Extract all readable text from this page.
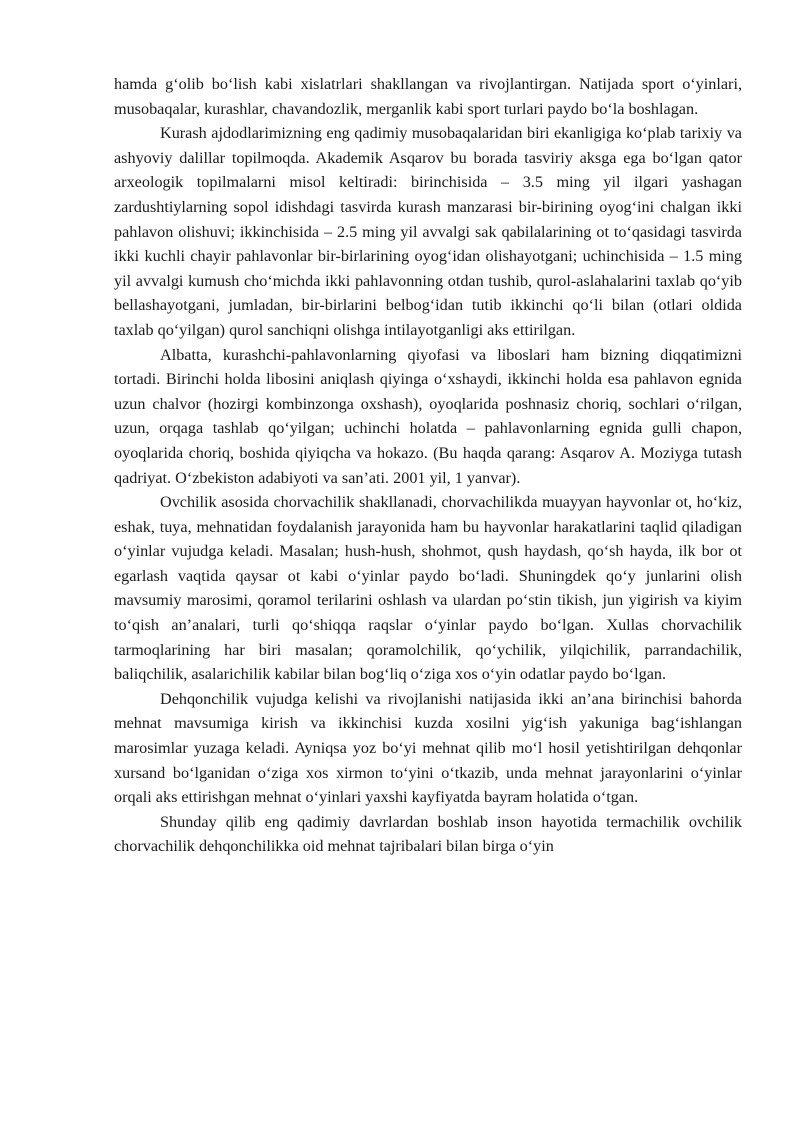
hamda g‘olib bo‘lish kabi xislatrlari shakllangan va rivojlantirgan. Natijada sport o‘yinlari, musobaqalar, kurashlar, chavandozlik, merganlik kabi sport turlari paydo bo‘la boshlagan.

Kurash ajdodlarimizning eng qadimiy musobaqalaridan biri ekanligiga ko‘plab tarixiy va ashyoviy dalillar topilmoqda. Akademik Asqarov bu borada tasviriy aksga ega bo‘lgan qator arxeologik topilmalarni misol keltiradi: birinchisida – 3.5 ming yil ilgari yashagan zardushtiylarning sopol idishdagi tasvirda kurash manzarasi bir-birining oyog‘ini chalgan ikki pahlavon olishuvi; ikkinchisida – 2.5 ming yil avvalgi sak qabilalarining ot to‘qasidagi tasvirda ikki kuchli chayir pahlavonlar bir-birlarining oyog‘idan olishayotgani; uchinchisida – 1.5 ming yil avvalgi kumush cho‘michda ikki pahlavonning otdan tushib, qurol-aslahalarini taxlab qo‘yib bellashayotgani, jumladan, bir-birlarini belbog‘idan tutib ikkinchi qo‘li bilan (otlari oldida taxlab qo‘yilgan) qurol sanchiqni olishga intilayotganligi aks ettirilgan.

Albatta, kurashchi-pahlavonlarning qiyofasi va liboslari ham bizning diqqatimizni tortadi. Birinchi holda libosini aniqlash qiyinga o‘xshaydi, ikkinchi holda esa pahlavon egnida uzun chalvor (hozirgi kombinzonga oxshash), oyoqlarida poshnasiz choriq, sochlari o‘rilgan, uzun, orqaga tashlab qo‘yilgan; uchinchi holatda – pahlavonlarning egnida gulli chapon, oyoqlarida choriq, boshida qiyiqcha va hokazo. (Bu haqda qarang: Asqarov A. Moziyga tutash qadriyat. O‘zbekiston adabiyoti va san’ati. 2001 yil, 1 yanvar).

Ovchilik asosida chorvachilik shakllanadi, chorvachilikda muayyan hayvonlar ot, ho‘kiz, eshak, tuya, mehnatidan foydalanish jarayonida ham bu hayvonlar harakatlarini taqlid qiladigan o‘yinlar vujudga keladi. Masalan; hush-hush, shohmot, qush haydash, qo‘sh hayda, ilk bor ot egarlash vaqtida qaysar ot kabi o‘yinlar paydo bo‘ladi. Shuningdek qo‘y junlarini olish mavsumiy marosimi, qoramol terilarini oshlash va ulardan po‘stin tikish, jun yigirish va kiyim to‘qish an’analari, turli qo‘shiqqa raqslar o‘yinlar paydo bo‘lgan. Xullas chorvachilik tarmoqlarining har biri masalan; qoramolchilik, qo‘ychilik, yilqichilik, parrandachilik, baliqchilik, asalarichilik kabilar bilan bog‘liq o‘ziga xos o‘yin odatlar paydo bo‘lgan.

Dehqonchilik vujudga kelishi va rivojlanishi natijasida ikki an’ana birinchisi bahorda mehnat mavsumiga kirish va ikkinchisi kuzda xosilni yig‘ish yakuniga bag‘ishlangan marosimlar yuzaga keladi. Ayniqsa yoz bo‘yi mehnat qilib mo‘l hosil yetishtirilgan dehqonlar xursand bo‘lganidan o‘ziga xos xirmon to‘yini o‘tkazib, unda mehnat jarayonlarini o‘yinlar orqali aks ettirishgan mehnat o‘yinlari yaxshi kayfiyatda bayram holatida o‘tgan.

Shunday qilib eng qadimiy davrlardan boshlab inson hayotida termachilik ovchilik chorvachilik dehqonchilikka oid mehnat tajribalari bilan birga o‘yin
